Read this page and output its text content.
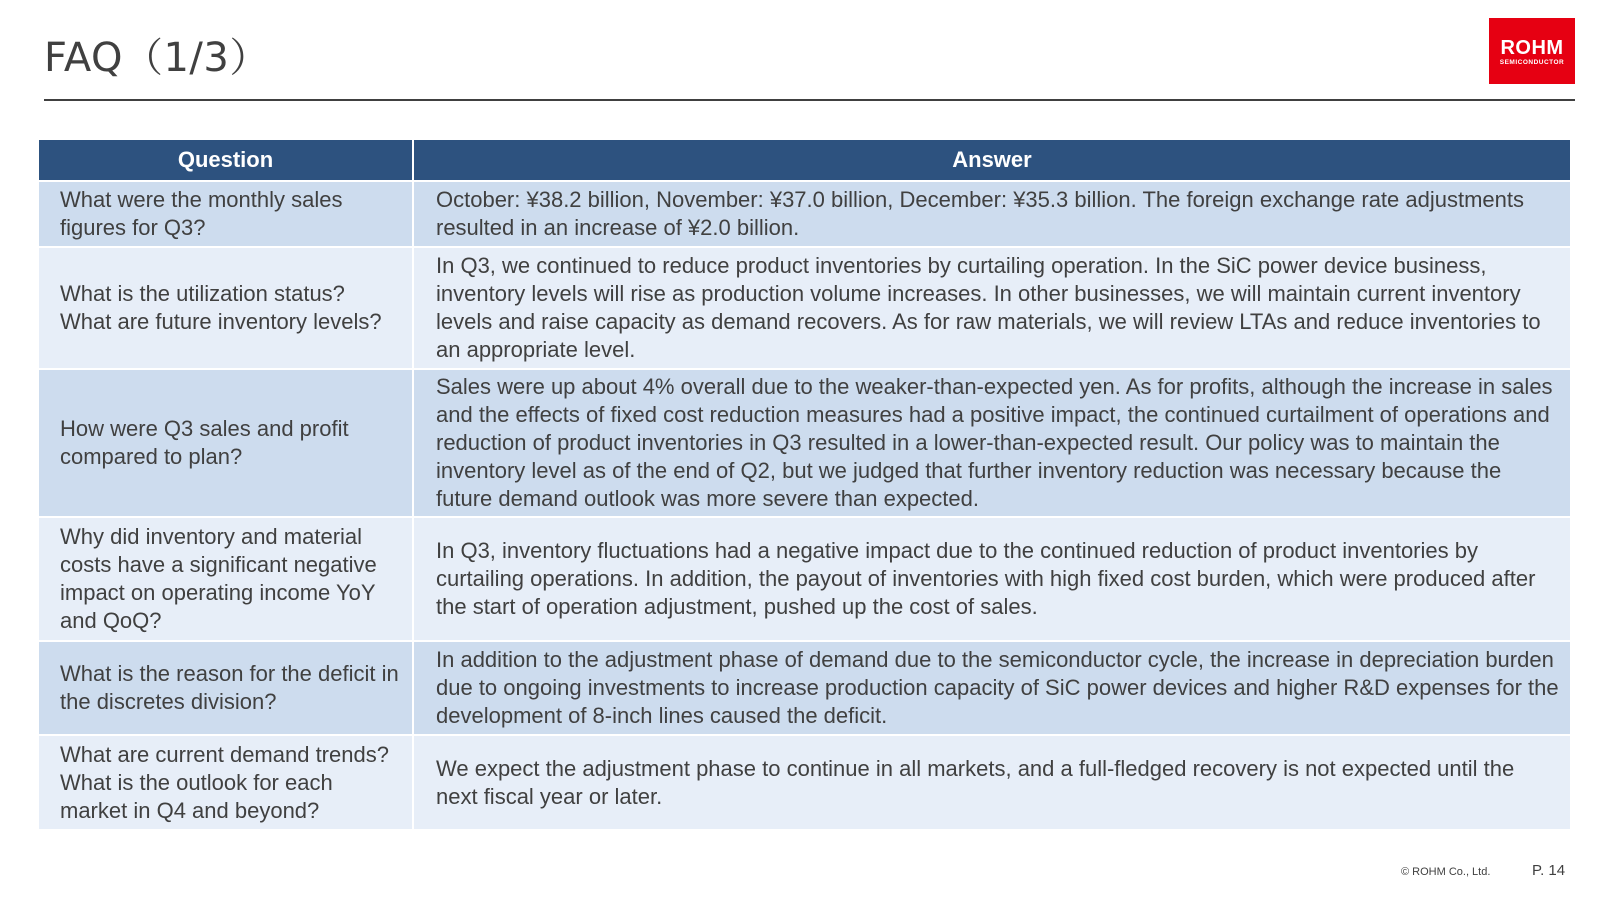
FAQ（1/3）	ROHM
SEMICONDUCTOR
Question	Answer
What were the monthly sales figures for Q3?	October: ¥38.2 billion, November: ¥37.0 billion, December: ¥35.3 billion. The foreign exchange rate adjustments resulted in an increase of ¥2.0 billion.
What is the utilization status? What are future inventory levels?	In Q3, we continued to reduce product inventories by curtailing operation. In the SiC power device business, inventory levels will rise as production volume increases. In other businesses, we will maintain current inventory levels and raise capacity as demand recovers. As for raw materials, we will review LTAs and reduce inventories to an appropriate level.
How were Q3 sales and profit compared to plan?	Sales were up about 4% overall due to the weaker-than-expected yen. As for profits, although the increase in sales and the effects of fixed cost reduction measures had a positive impact, the continued curtailment of operations and reduction of product inventories in Q3 resulted in a lower-than-expected result. Our policy was to maintain the inventory level as of the end of Q2, but we judged that further inventory reduction was necessary because the future demand outlook was more severe than expected.
Why did inventory and material costs have a significant negative impact on operating income YoY and QoQ?	In Q3, inventory fluctuations had a negative impact due to the continued reduction of product inventories by curtailing operations. In addition, the payout of inventories with high fixed cost burden, which were produced after the start of operation adjustment, pushed up the cost of sales.
What is the reason for the deficit in the discretes division?	In addition to the adjustment phase of demand due to the semiconductor cycle, the increase in depreciation burden due to ongoing investments to increase production capacity of SiC power devices and higher R&D expenses for the development of 8-inch lines caused the deficit.
What are current demand trends? What is the outlook for each market in Q4 and beyond?	We expect the adjustment phase to continue in all markets, and a full-fledged recovery is not expected until the next fiscal year or later.
© ROHM Co., Ltd.	P. 14
